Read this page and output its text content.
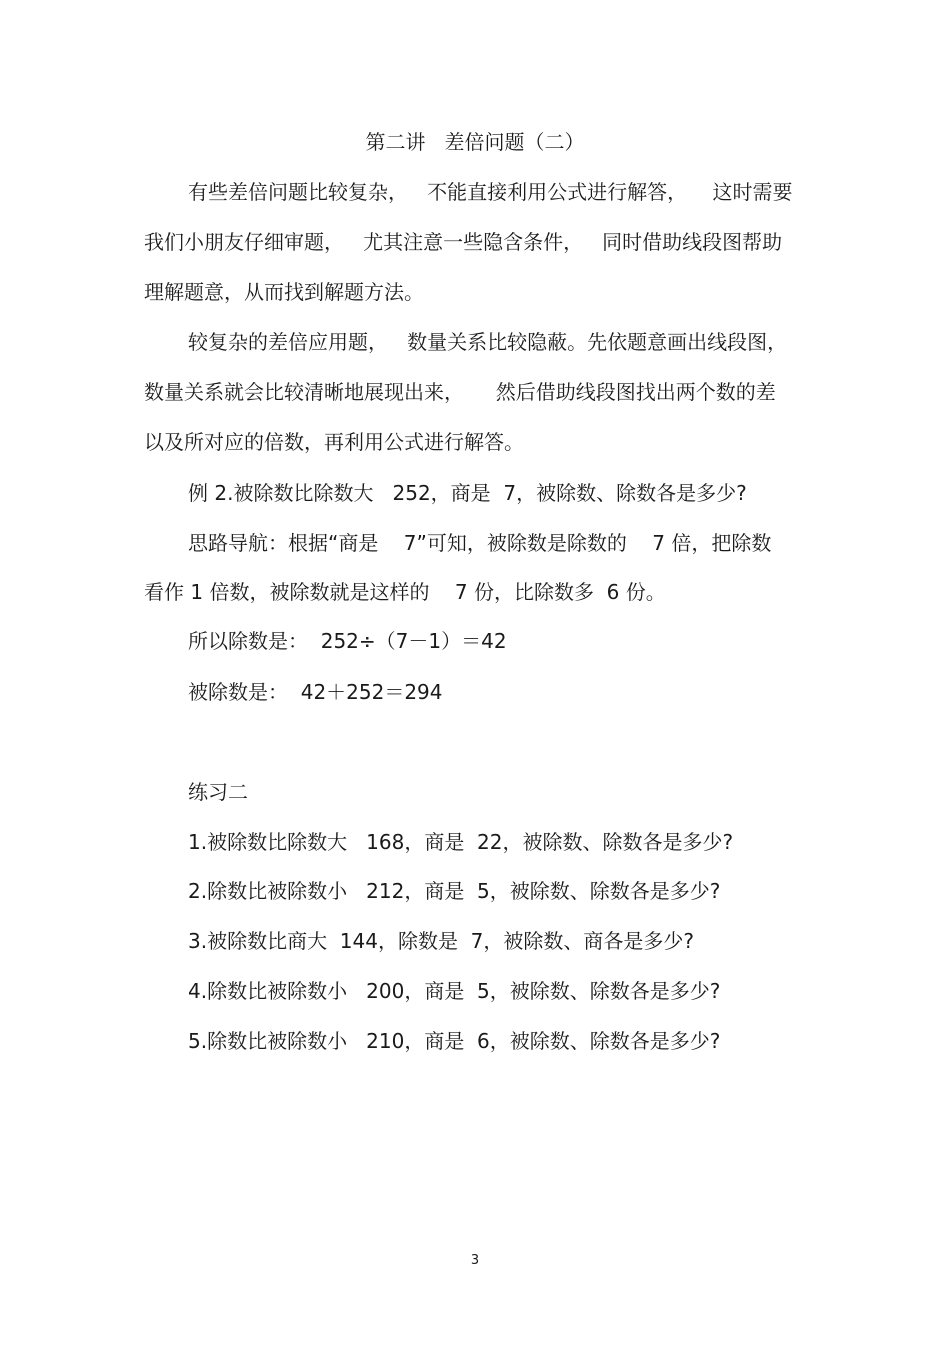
第二讲   差倍问题（二）
有些差倍问题比较复杂，   不能直接利用公式进行解答，    这时需要
我们小朋友仔细审题，   尤其注意一些隐含条件，   同时借助线段图帮助
理解题意，从而找到解题方法。
较复杂的差倍应用题，   数量关系比较隐蔽。先依题意画出线段图，
数量关系就会比较清晰地展现出来，     然后借助线段图找出两个数的差
以及所对应的倍数，再利用公式进行解答。
例 2.被除数比除数大   252，商是  7，被除数、除数各是多少?
思路导航：根据“商是    7”可知，被除数是除数的    7 倍，把除数
看作 1 倍数，被除数就是这样的    7 份，比除数多  6 份。
所以除数是：  252÷（7－1）＝42
被除数是：  42＋252＝294
练习二
1.被除数比除数大   168，商是  22，被除数、除数各是多少?
2.除数比被除数小   212，商是  5，被除数、除数各是多少?
3.被除数比商大  144，除数是  7，被除数、商各是多少?
4.除数比被除数小   200，商是  5，被除数、除数各是多少?
5.除数比被除数小   210，商是  6，被除数、除数各是多少?
3
